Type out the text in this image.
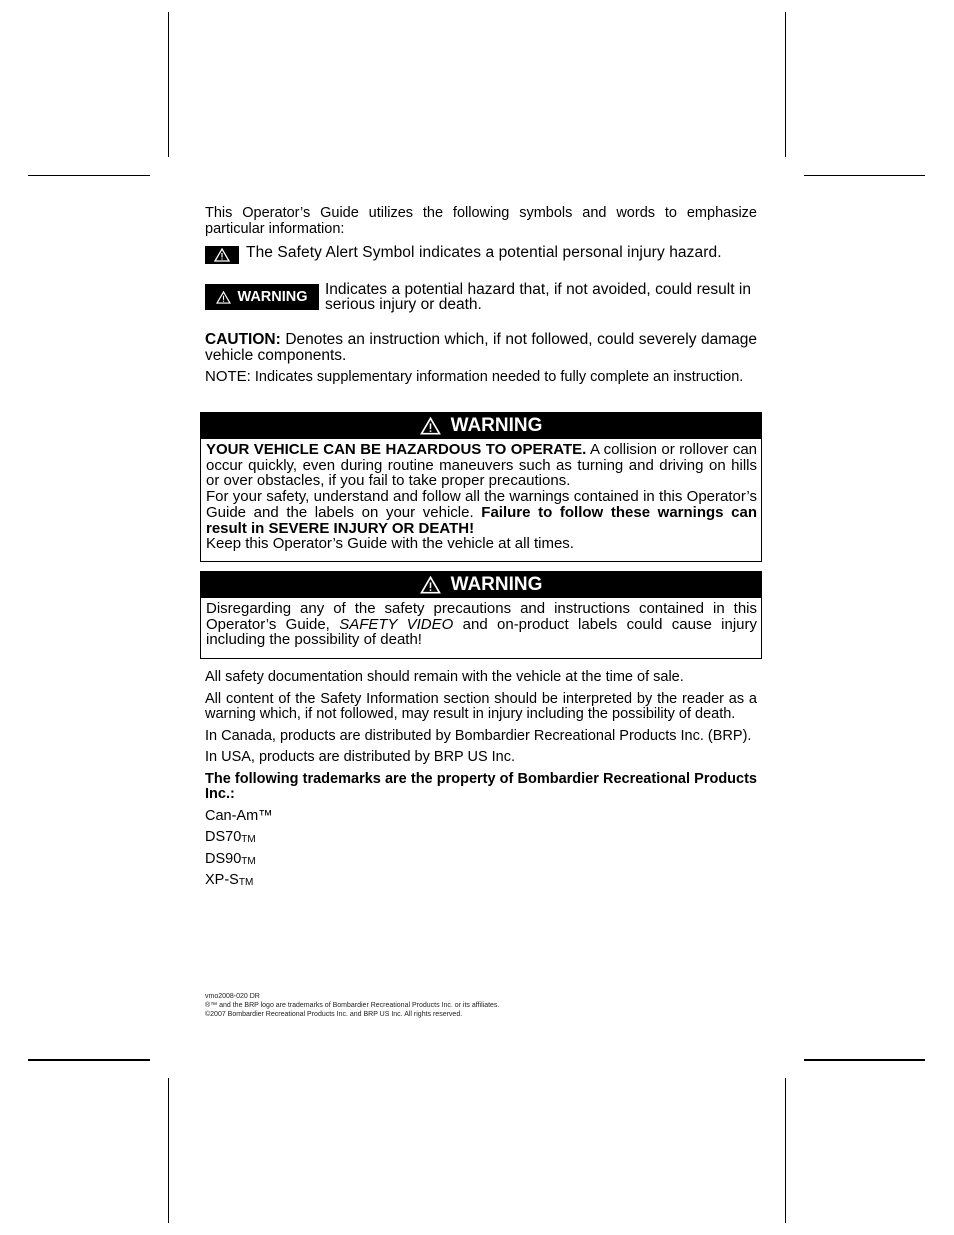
This Operator’s Guide utilizes the following symbols and words to emphasize particular information:

The Safety Alert Symbol indicates a potential personal injury hazard.

WARNING Indicates a potential hazard that, if not avoided, could result in serious injury or death.

CAUTION: Denotes an instruction which, if not followed, could severely damage vehicle components.

NOTE: Indicates supplementary information needed to fully complete an instruction.

WARNING

YOUR VEHICLE CAN BE HAZARDOUS TO OPERATE. A collision or rollover can occur quickly, even during routine maneuvers such as turning and driving on hills or over obstacles, if you fail to take proper precautions.

For your safety, understand and follow all the warnings contained in this Operator’s Guide and the labels on your vehicle. Failure to follow these warnings can result in SEVERE INJURY OR DEATH!

Keep this Operator’s Guide with the vehicle at all times.

WARNING

Disregarding any of the safety precautions and instructions contained in this Operator’s Guide, SAFETY VIDEO and on-product labels could cause injury including the possibility of death!

All safety documentation should remain with the vehicle at the time of sale.

All content of the Safety Information section should be interpreted by the reader as a warning which, if not followed, may result in injury including the possibility of death.

In Canada, products are distributed by Bombardier Recreational Products Inc. (BRP).

In USA, products are distributed by BRP US Inc.

The following trademarks are the property of Bombardier Recreational Products Inc.:

Can-Am™

DS70™

DS90™

XP-S™

vmo2008-020 DR
®™ and the BRP logo are trademarks of Bombardier Recreational Products Inc. or its affiliates.
©2007 Bombardier Recreational Products Inc. and BRP US Inc. All rights reserved.
